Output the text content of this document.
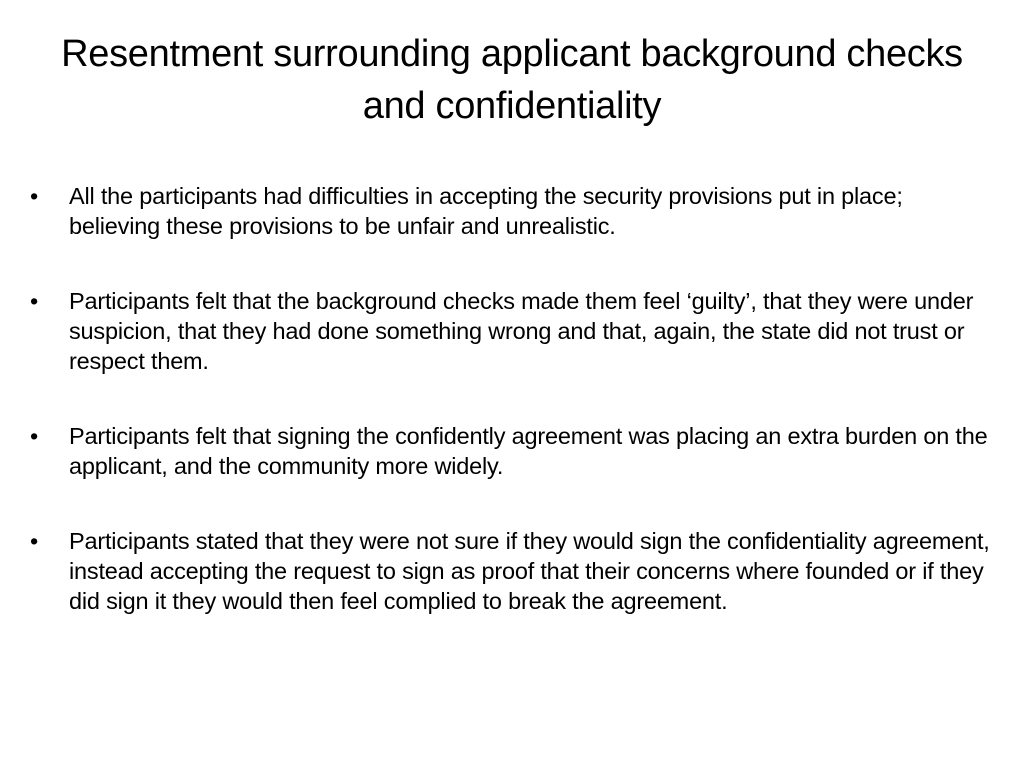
Resentment surrounding applicant background checks and confidentiality
•	All the participants had difficulties in accepting the security provisions put in place; believing these provisions to be unfair and unrealistic.
•	Participants felt that the background checks made them feel ‘guilty’, that they were under suspicion, that they had done something wrong and that, again, the state did not trust or respect them.
•	Participants felt that signing the confidently agreement was placing an extra burden on the applicant, and the community more widely.
•	Participants stated that they were not sure if they would sign the confidentiality agreement, instead accepting the request to sign as proof that their concerns where founded or if they did sign it they would then feel complied to break the agreement.
